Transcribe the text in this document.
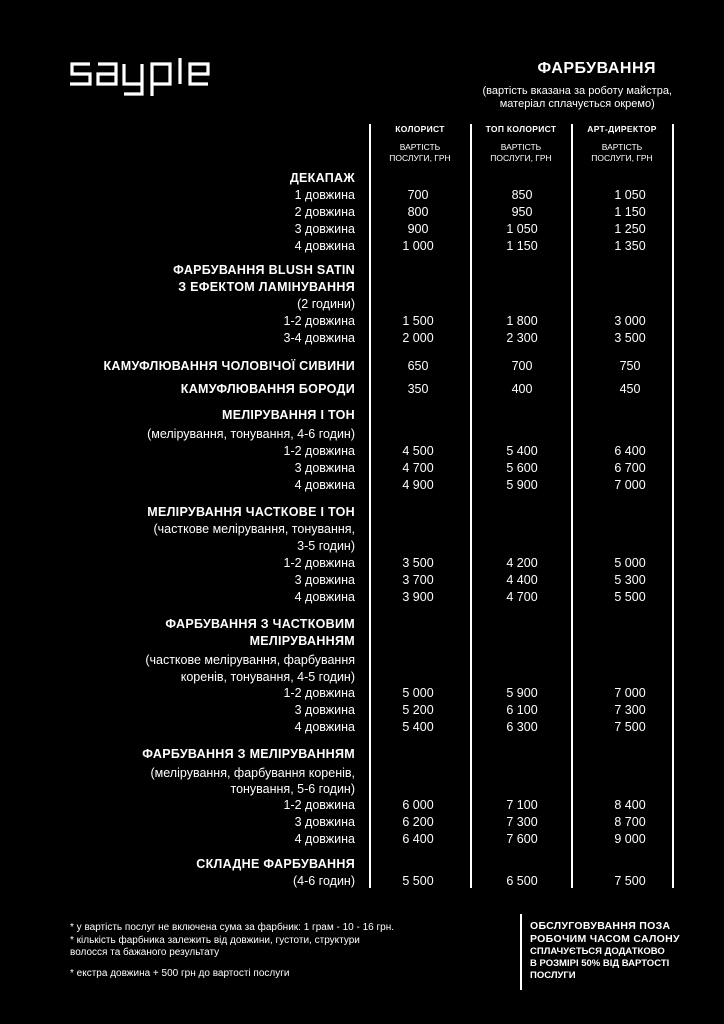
ФАРБУВАННЯ
(вартість вказана за роботу майстра,
матеріал сплачується окремо)
КОЛОРИСТ	ТОП КОЛОРИСТ	АРТ-ДИРЕКТОР
ВАРТІСТЬ
ПОСЛУГИ, ГРН
ВАРТІСТЬ
ПОСЛУГИ, ГРН
ВАРТІСТЬ
ПОСЛУГИ, ГРН
ДЕКАПАЖ
1 довжина	700	850	1 050
2 довжина	800	950	1 150
3 довжина	900	1 050	1 250
4 довжина	1 000	1 150	1 350
ФАРБУВАННЯ BLUSH SATIN
З ЕФЕКТОМ ЛАМІНУВАННЯ
(2 години)
1-2 довжина	1 500	1 800	3 000
3-4 довжина	2 000	2 300	3 500
КАМУФЛЮВАННЯ ЧОЛОВІЧОЇ СИВИНИ	650	700	750
КАМУФЛЮВАННЯ БОРОДИ	350	400	450
МЕЛІРУВАННЯ І ТОН
(мелірування, тонування, 4-6 годин)
1-2 довжина	4 500	5 400	6 400
3 довжина	4 700	5 600	6 700
4 довжина	4 900	5 900	7 000
МЕЛІРУВАННЯ ЧАСТКОВЕ І ТОН
(часткове мелірування, тонування,
3-5 годин)
1-2 довжина	3 500	4 200	5 000
3 довжина	3 700	4 400	5 300
4 довжина	3 900	4 700	5 500
ФАРБУВАННЯ З ЧАСТКОВИМ
МЕЛІРУВАННЯМ
(часткове мелірування, фарбування
коренів, тонування, 4-5 годин)
1-2 довжина	5 000	5 900	7 000
3 довжина	5 200	6 100	7 300
4 довжина	5 400	6 300	7 500
ФАРБУВАННЯ З МЕЛІРУВАННЯМ
(мелірування, фарбування коренів,
тонування, 5-6 годин)
1-2 довжина	6 000	7 100	8 400
3 довжина	6 200	7 300	8 700
4 довжина	6 400	7 600	9 000
СКЛАДНЕ ФАРБУВАННЯ
(4-6 годин)	5 500	6 500	7 500
* у вартість послуг не включена сума за фарбник: 1 грам - 10 - 16 грн.
* кількість фарбника залежить від довжини, густоти, структури
волосся та бажаного результату
* екстра довжина + 500 грн до вартості послуги
ОБСЛУГОВУВАННЯ ПОЗА
РОБОЧИМ ЧАСОМ САЛОНУ
СПЛАЧУЄТЬСЯ ДОДАТКОВО
В РОЗМІРІ 50% ВІД ВАРТОСТІ
ПОСЛУГИ
